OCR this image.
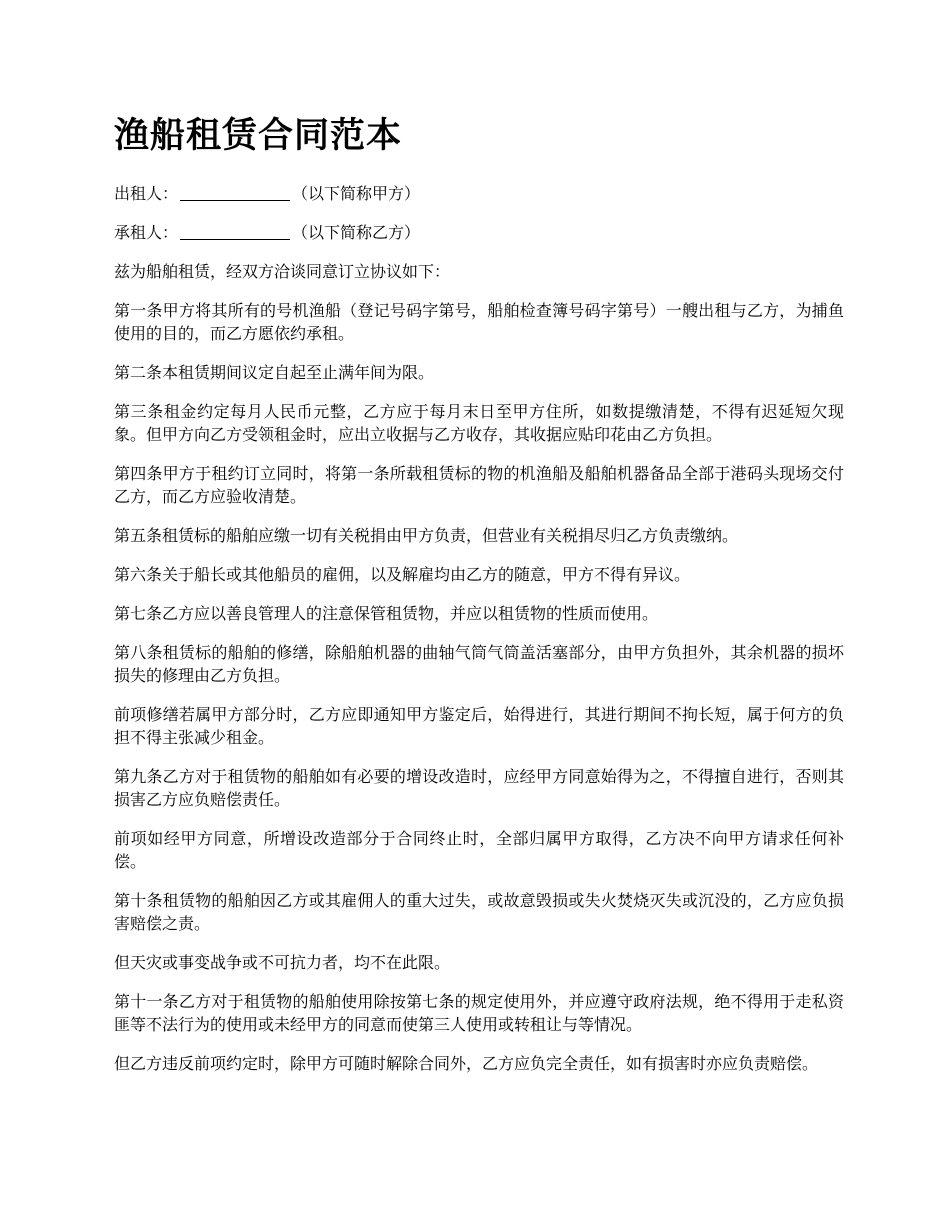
渔船租赁合同范本

出租人：	（以下简称甲方）

承租人：	（以下简称乙方）

兹为船舶租赁，经双方洽谈同意订立协议如下：

第一条甲方将其所有的号机渔船（登记号码字第号，船舶检查簿号码字第号）一艘出租与乙方，为捕鱼使用的目的，而乙方愿依约承租。

第二条本租赁期间议定自起至止满年间为限。

第三条租金约定每月人民币元整，乙方应于每月末日至甲方住所，如数提缴清楚，不得有迟延短欠现象。但甲方向乙方受领租金时，应出立收据与乙方收存，其收据应贴印花由乙方负担。

第四条甲方于租约订立同时，将第一条所载租赁标的物的机渔船及船舶机器备品全部于港码头现场交付乙方，而乙方应验收清楚。

第五条租赁标的船舶应缴一切有关税捐由甲方负责，但营业有关税捐尽归乙方负责缴纳。

第六条关于船长或其他船员的雇佣，以及解雇均由乙方的随意，甲方不得有异议。

第七条乙方应以善良管理人的注意保管租赁物，并应以租赁物的性质而使用。

第八条租赁标的船舶的修缮，除船舶机器的曲轴气筒气筒盖活塞部分，由甲方负担外，其余机器的损坏损失的修理由乙方负担。

前项修缮若属甲方部分时，乙方应即通知甲方鉴定后，始得进行，其进行期间不拘长短，属于何方的负担不得主张减少租金。

第九条乙方对于租赁物的船舶如有必要的增设改造时，应经甲方同意始得为之，不得擅自进行，否则其损害乙方应负赔偿责任。

前项如经甲方同意，所增设改造部分于合同终止时，全部归属甲方取得，乙方决不向甲方请求任何补偿。

第十条租赁物的船舶因乙方或其雇佣人的重大过失，或故意毁损或失火焚烧灭失或沉没的，乙方应负损害赔偿之责。

但天灾或事变战争或不可抗力者，均不在此限。

第十一条乙方对于租赁物的船舶使用除按第七条的规定使用外，并应遵守政府法规，绝不得用于走私资匪等不法行为的使用或未经甲方的同意而使第三人使用或转租让与等情况。

但乙方违反前项约定时，除甲方可随时解除合同外，乙方应负完全责任，如有损害时亦应负责赔偿。
